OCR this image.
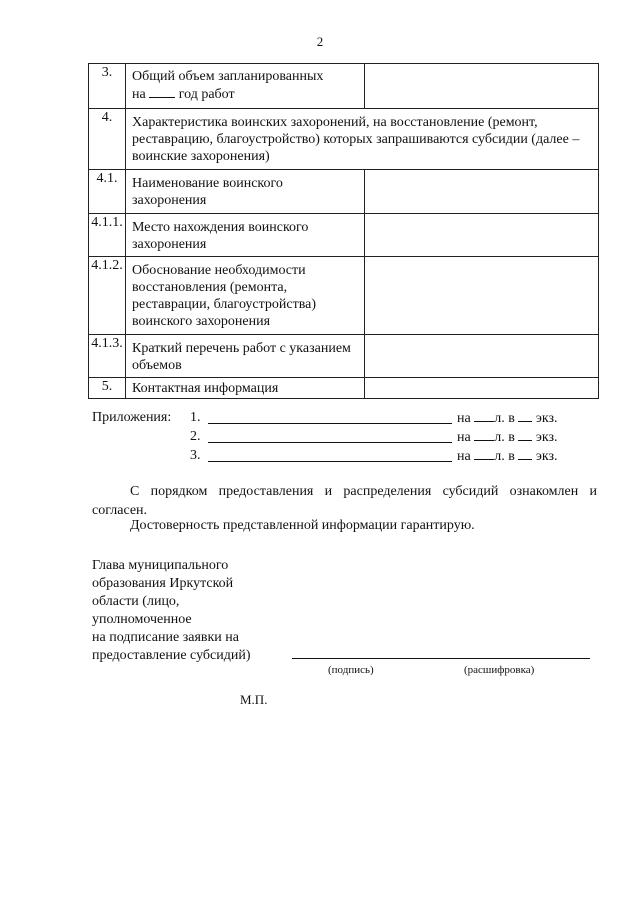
2
3.	Общий объем запланированных
на год работ	
4.	Характеристика воинских захоронений, на восстановление (ремонт, реставрацию, благоустройство) которых запрашиваются субсидии (далее – воинские захоронения)	
4.1.	Наименование воинского захоронения	
4.1.1.	Место нахождения воинского захоронения	
4.1.2.	Обоснование необходимости восстановления (ремонта, реставрации, благоустройства) воинского захоронения	
4.1.3.	Краткий перечень работ с указанием объемов	
5.	Контактная информация	
Приложения: 1.	на л. в экз.
2.	на л. в экз.
3.	на л. в экз.
С порядком предоставления и распределения субсидий ознакомлен и согласен.
Достоверность представленной информации гарантирую.
Глава муниципального
образования Иркутской
области (лицо,
уполномоченное
на подписание заявки на
предоставление субсидий)
(подпись)	(расшифровка)
М.П.
